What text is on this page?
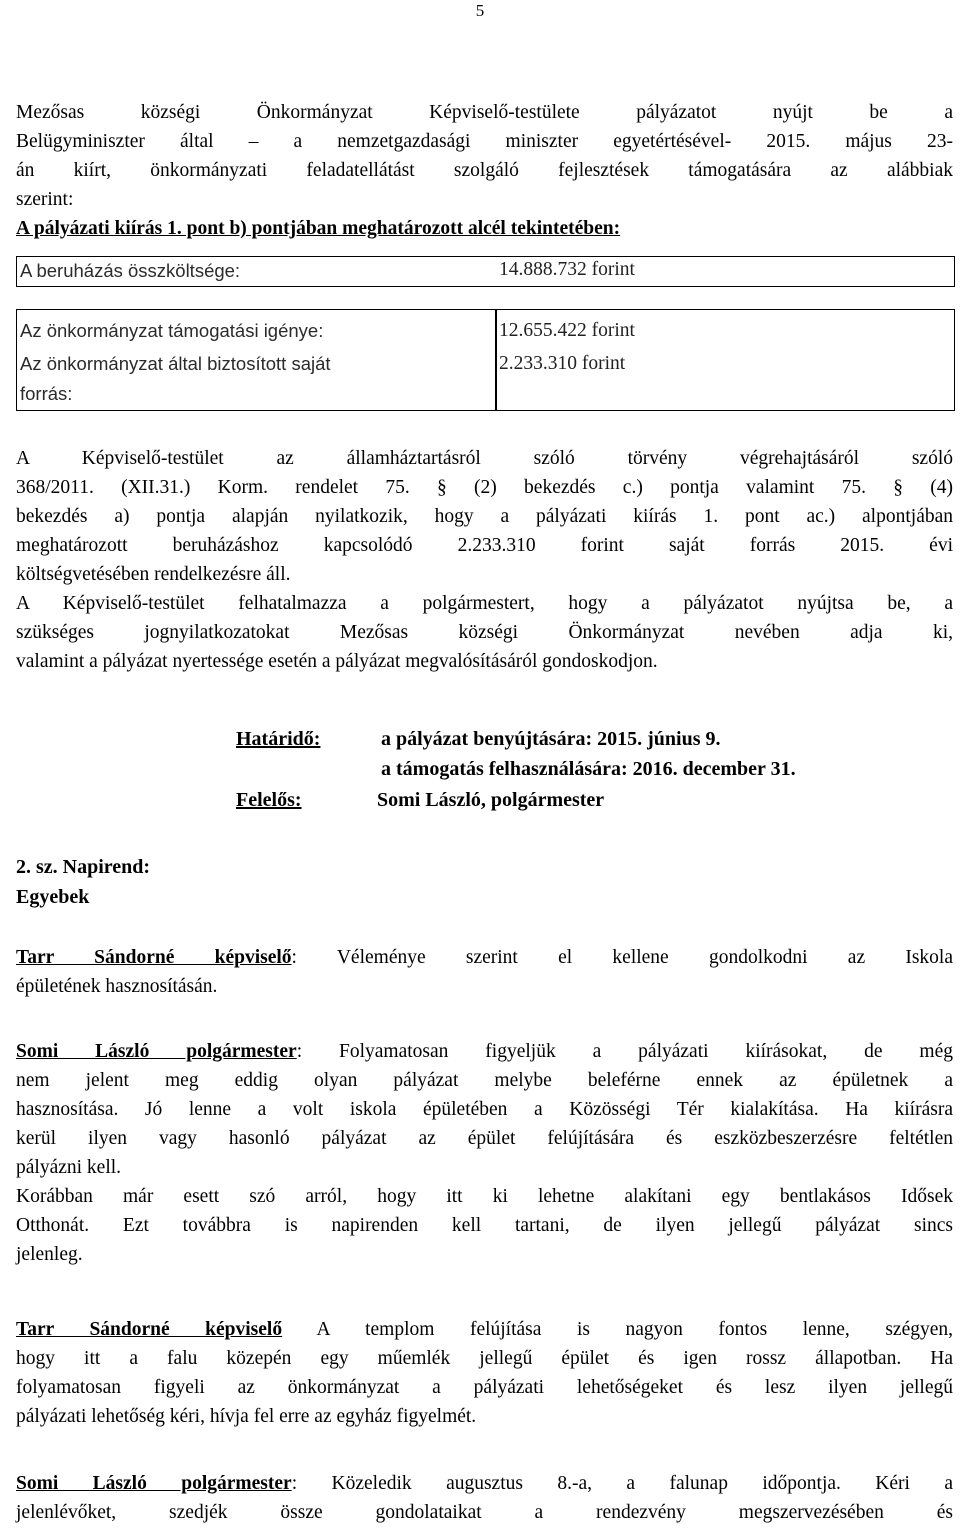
5
Mezősas községi Önkormányzat Képviselő-testülete pályázatot nyújt be a
Belügyminiszter által – a nemzetgazdasági miniszter egyetértésével- 2015. május 23-
án kiírt, önkormányzati feladatellátást szolgáló fejlesztések támogatására az alábbiak
szerint:
A pályázati kiírás 1. pont b) pontjában meghatározott alcél tekintetében:
A beruházás összköltsége:	14.888.732 forint
Az önkormányzat támogatási igénye:	12.655.422 forint
Az önkormányzat által biztosított saját
forrás:
2.233.310 forint
A Képviselő-testület az államháztartásról szóló törvény végrehajtásáról szóló
368/2011. (XII.31.) Korm. rendelet 75. § (2) bekezdés c.) pontja valamint 75. § (4)
bekezdés a) pontja alapján nyilatkozik, hogy a pályázati kiírás 1. pont ac.) alpontjában
meghatározott beruházáshoz kapcsolódó 2.233.310 forint saját forrás 2015. évi
költségvetésében rendelkezésre áll.
A Képviselő-testület felhatalmazza a polgármestert, hogy a pályázatot nyújtsa be, a
szükséges jognyilatkozatokat Mezősas községi Önkormányzat nevében adja ki,
valamint a pályázat nyertessége esetén a pályázat megvalósításáról gondoskodjon.
Határidő:	a pályázat benyújtására: 2015. június 9.
a támogatás felhasználására: 2016. december 31.
Felelős:	Somi László, polgármester
2. sz. Napirend:
Egyebek
Tarr Sándorné képviselő: Véleménye szerint el kellene gondolkodni az Iskola
épületének hasznosításán.
Somi László polgármester: Folyamatosan figyeljük a pályázati kiírásokat, de még
nem jelent meg eddig olyan pályázat melybe beleférne ennek az épületnek a
hasznosítása. Jó lenne a volt iskola épületében a Közösségi Tér kialakítása. Ha kiírásra
kerül ilyen vagy hasonló pályázat az épület felújítására és eszközbeszerzésre feltétlen
pályázni kell.
Korábban már esett szó arról, hogy itt ki lehetne alakítani egy bentlakásos Idősek
Otthonát. Ezt továbbra is napirenden kell tartani, de ilyen jellegű pályázat sincs
jelenleg.
Tarr Sándorné képviselő A templom felújítása is nagyon fontos lenne, szégyen,
hogy itt a falu közepén egy műemlék jellegű épület és igen rossz állapotban. Ha
folyamatosan figyeli az önkormányzat a pályázati lehetőségeket és lesz ilyen jellegű
pályázati lehetőség kéri, hívja fel erre az egyház figyelmét.
Somi László polgármester: Közeledik augusztus 8.-a, a falunap időpontja. Kéri a
jelenlévőket, szedjék össze gondolataikat a rendezvény megszervezésében és
